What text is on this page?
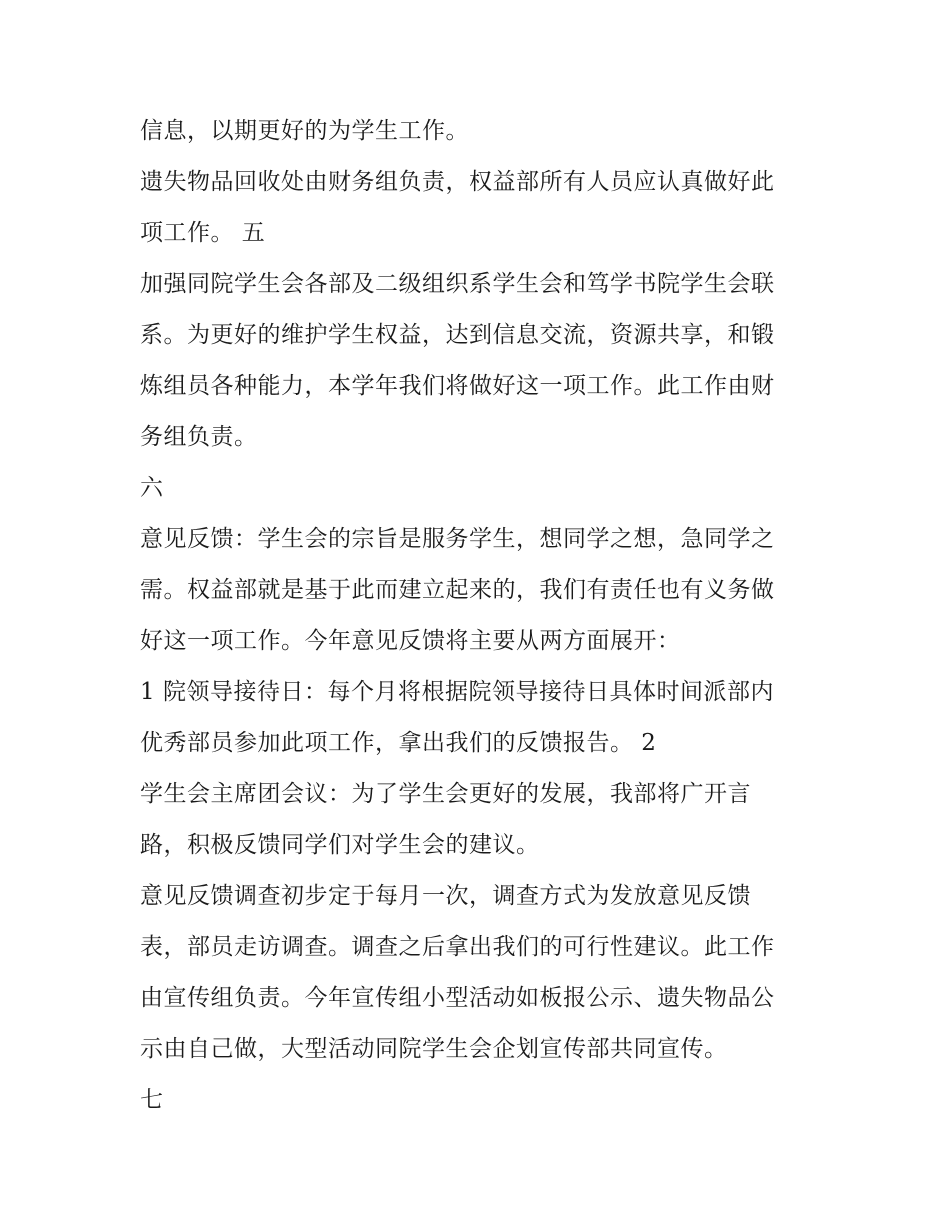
信息，以期更好的为学生工作。
遗失物品回收处由财务组负责，权益部所有人员应认真做好此
项工作。 五
加强同院学生会各部及二级组织系学生会和笃学书院学生会联
系。为更好的维护学生权益，达到信息交流，资源共享，和锻
炼组员各种能力，本学年我们将做好这一项工作。此工作由财
务组负责。
六
意见反馈：学生会的宗旨是服务学生，想同学之想，急同学之
需。权益部就是基于此而建立起来的，我们有责任也有义务做
好这一项工作。今年意见反馈将主要从两方面展开：
1 院领导接待日：每个月将根据院领导接待日具体时间派部内
优秀部员参加此项工作，拿出我们的反馈报告。 2
学生会主席团会议：为了学生会更好的发展，我部将广开言
路，积极反馈同学们对学生会的建议。
意见反馈调查初步定于每月一次，调查方式为发放意见反馈
表，部员走访调查。调查之后拿出我们的可行性建议。此工作
由宣传组负责。今年宣传组小型活动如板报公示、遗失物品公
示由自己做，大型活动同院学生会企划宣传部共同宣传。
七
